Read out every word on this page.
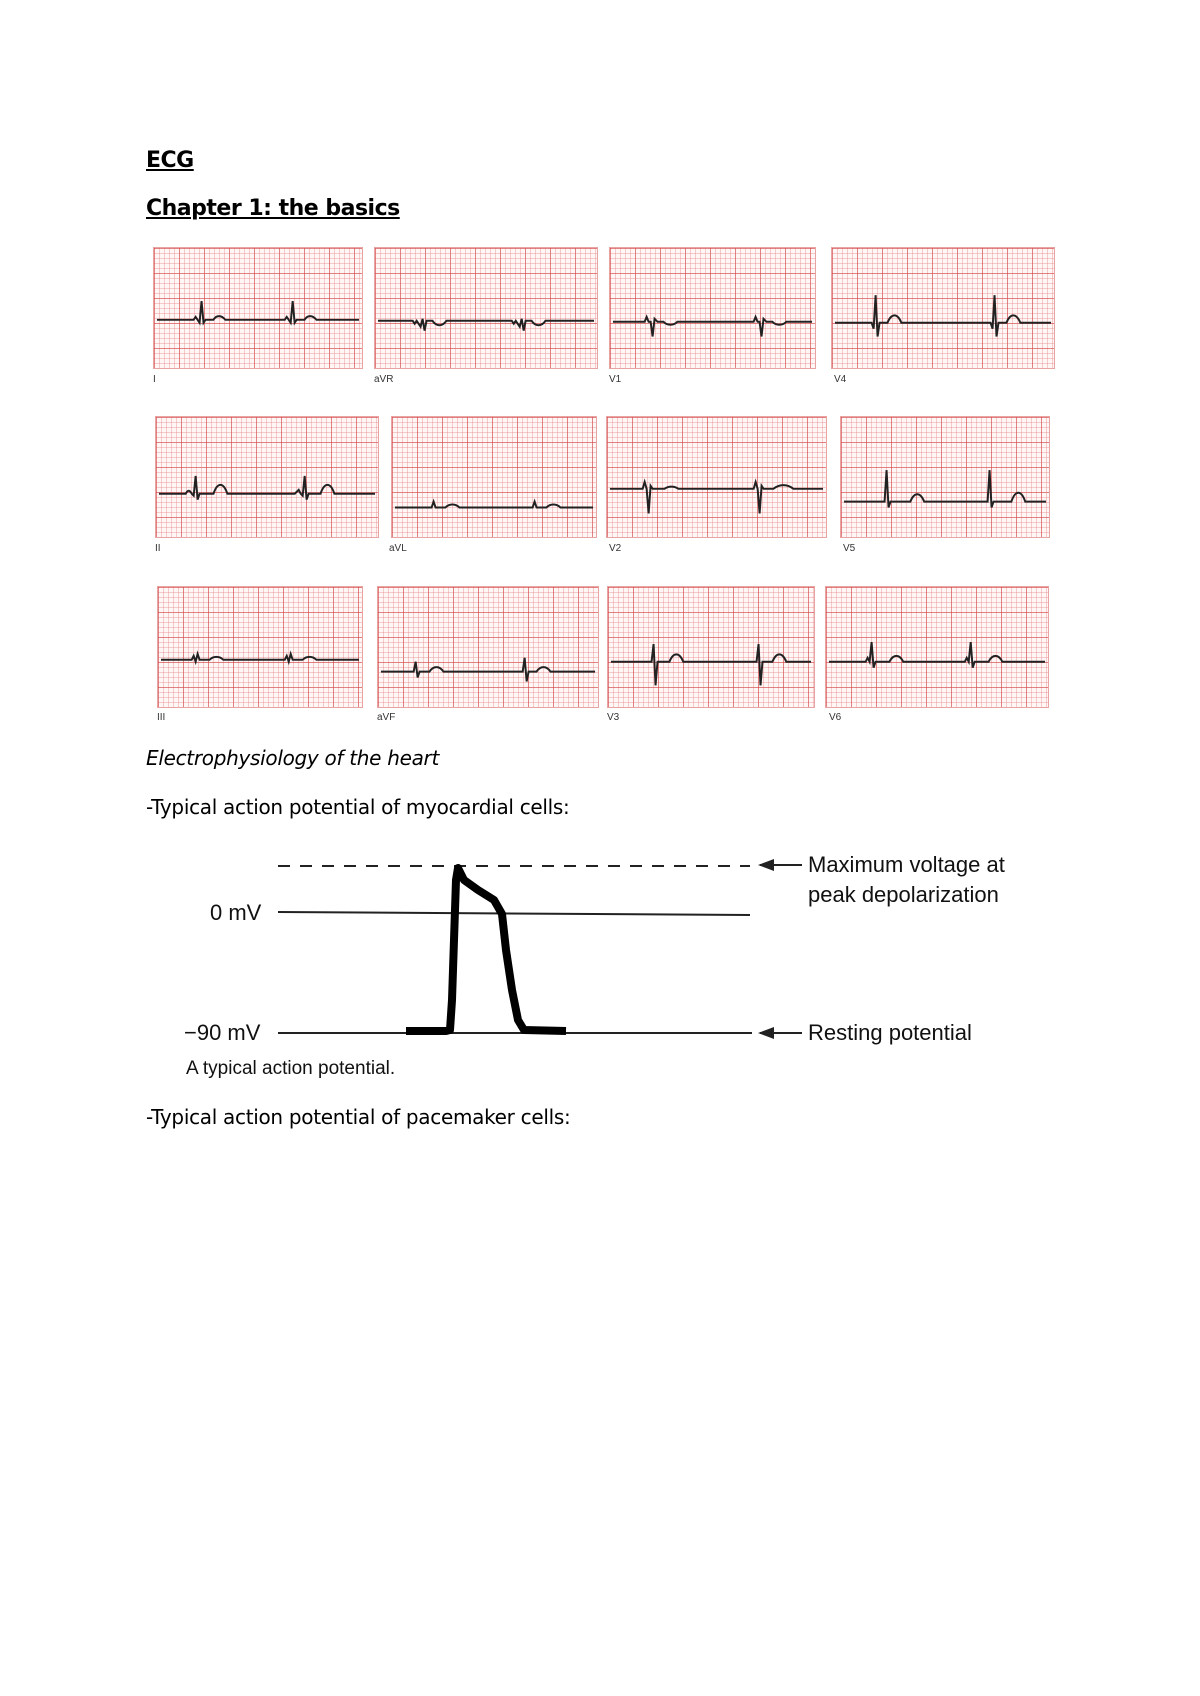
ECG
Chapter 1: the basics
I	aVR	V1	V4
II	aVL	V2	V5
III	aVF	V3	V6

Electrophysiology of the heart

-Typical action potential of myocardial cells:

0 mV
−90 mV
Maximum voltage at
peak depolarization
Resting potential
A typical action potential.

-Typical action potential of pacemaker cells:
